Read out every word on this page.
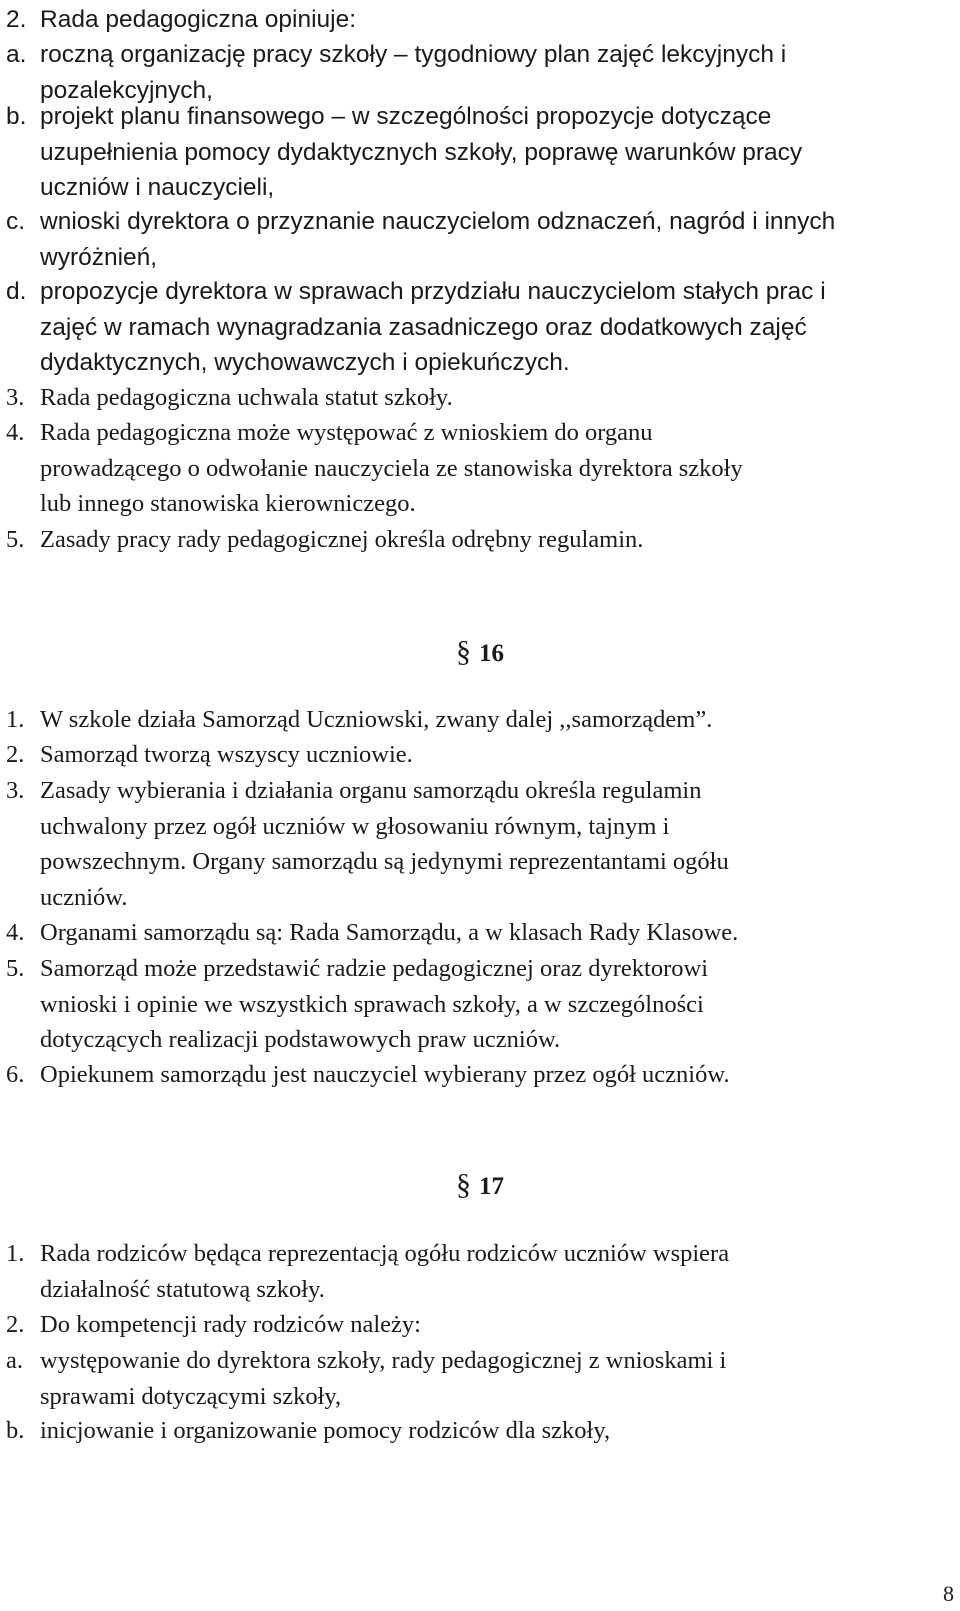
2. Rada pedagogiczna opiniuje:
a. roczną organizację pracy szkoły – tygodniowy plan zajęć lekcyjnych i
pozalekcyjnych,
b. projekt planu finansowego – w szczególności propozycje dotyczące
uzupełnienia pomocy dydaktycznych szkoły, poprawę warunków pracy
uczniów i nauczycieli,
c. wnioski dyrektora o przyznanie nauczycielom odznaczeń, nagród i innych
wyróżnień,
d. propozycje dyrektora w sprawach przydziału nauczycielom stałych prac i
zajęć w ramach wynagradzania zasadniczego oraz dodatkowych zajęć
dydaktycznych, wychowawczych i opiekuńczych.
3. Rada pedagogiczna uchwala statut szkoły.
4. Rada pedagogiczna może występować z wnioskiem do organu
prowadzącego o odwołanie nauczyciela ze stanowiska dyrektora szkoły
lub innego stanowiska kierowniczego.
5. Zasady pracy rady pedagogicznej określa odrębny regulamin.
§ 16
1. W szkole działa Samorząd Uczniowski, zwany dalej ,,samorządem”.
2. Samorząd tworzą wszyscy uczniowie.
3. Zasady wybierania i działania organu samorządu określa regulamin
uchwalony przez ogół uczniów w głosowaniu równym, tajnym i
powszechnym. Organy samorządu są jedynymi reprezentantami ogółu
uczniów.
4. Organami samorządu są: Rada Samorządu, a w klasach Rady Klasowe.
5. Samorząd może przedstawić radzie pedagogicznej oraz dyrektorowi
wnioski i opinie we wszystkich sprawach szkoły, a w szczególności
dotyczących realizacji podstawowych praw uczniów.
6. Opiekunem samorządu jest nauczyciel wybierany przez ogół uczniów.
§ 17
1. Rada rodziców będąca reprezentacją ogółu rodziców uczniów wspiera
działalność statutową szkoły.
2. Do kompetencji rady rodziców należy:
a. występowanie do dyrektora szkoły, rady pedagogicznej z wnioskami i
sprawami dotyczącymi szkoły,
b. inicjowanie i organizowanie pomocy rodziców dla szkoły,
8
